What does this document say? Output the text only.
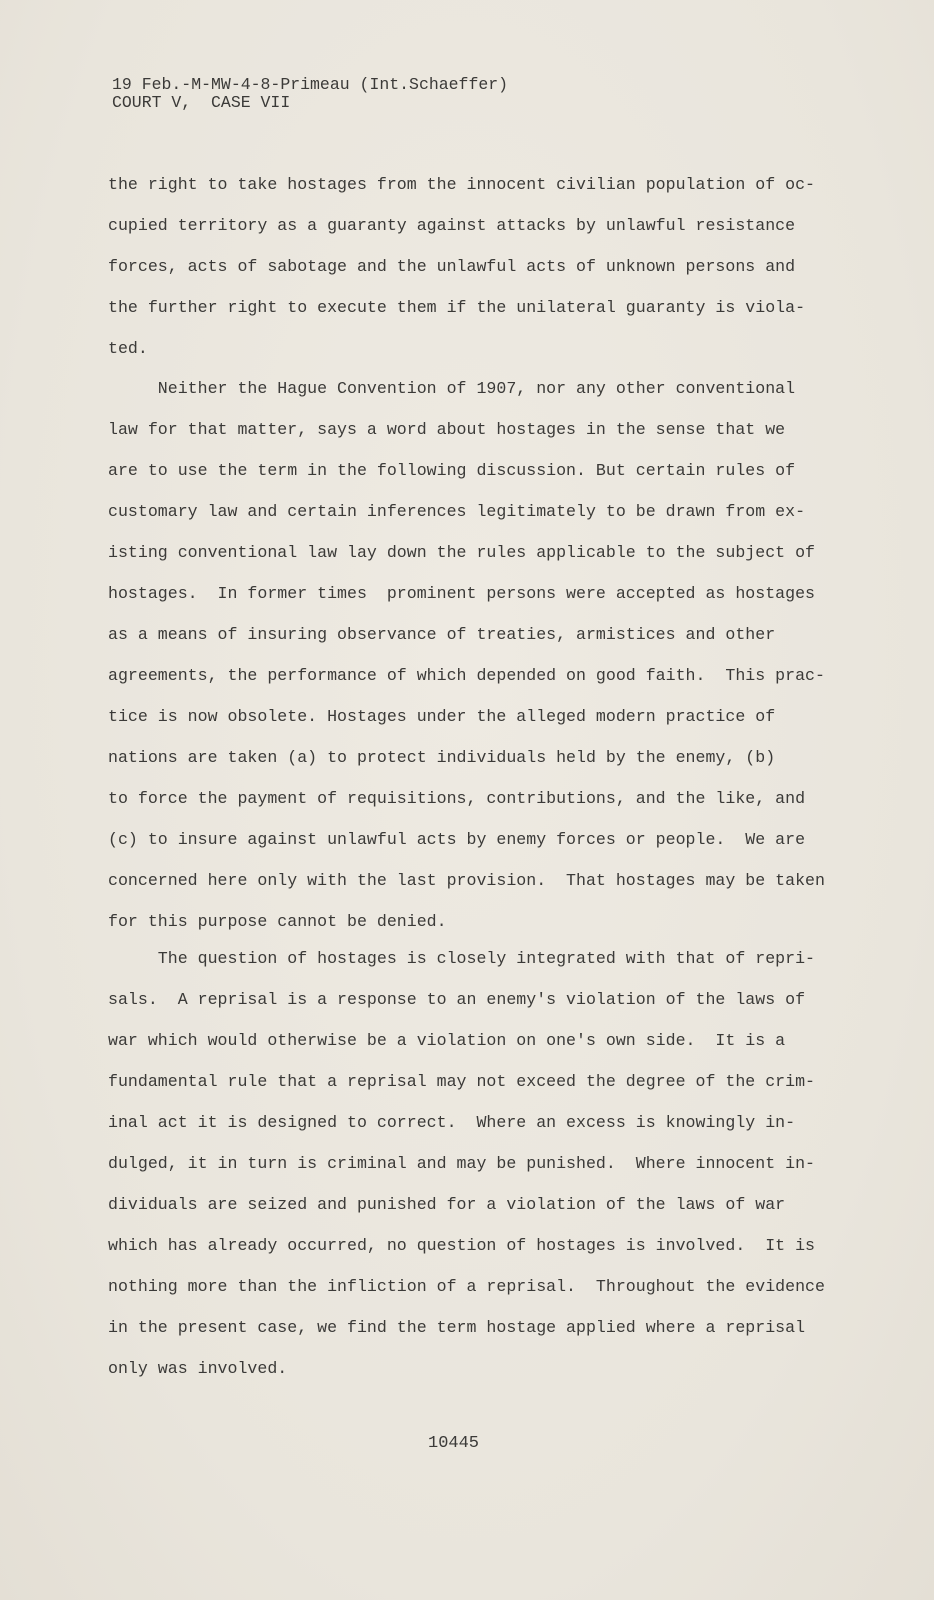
19 Feb.-M-MW-4-8-Primeau (Int.Schaeffer)
COURT V,  CASE VII
the right to take hostages from the innocent civilian population of oc-
cupied territory as a guaranty against attacks by unlawful resistance
forces, acts of sabotage and the unlawful acts of unknown persons and
the further right to execute them if the unilateral guaranty is viola-
ted.
Neither the Hague Convention of 1907, nor any other conventional
law for that matter, says a word about hostages in the sense that we
are to use the term in the following discussion. But certain rules of
customary law and certain inferences legitimately to be drawn from ex-
isting conventional law lay down the rules applicable to the subject of
hostages.  In former times  prominent persons were accepted as hostages
as a means of insuring observance of treaties, armistices and other
agreements, the performance of which depended on good faith.  This prac-
tice is now obsolete. Hostages under the alleged modern practice of
nations are taken (a) to protect individuals held by the enemy, (b)
to force the payment of requisitions, contributions, and the like, and
(c) to insure against unlawful acts by enemy forces or people.  We are
concerned here only with the last provision.  That hostages may be taken
for this purpose cannot be denied.
The question of hostages is closely integrated with that of repri-
sals.  A reprisal is a response to an enemy's violation of the laws of
war which would otherwise be a violation on one's own side.  It is a
fundamental rule that a reprisal may not exceed the degree of the crim-
inal act it is designed to correct.  Where an excess is knowingly in-
dulged, it in turn is criminal and may be punished.  Where innocent in-
dividuals are seized and punished for a violation of the laws of war
which has already occurred, no question of hostages is involved.  It is
nothing more than the infliction of a reprisal.  Throughout the evidence
in the present case, we find the term hostage applied where a reprisal
only was involved.
10445
